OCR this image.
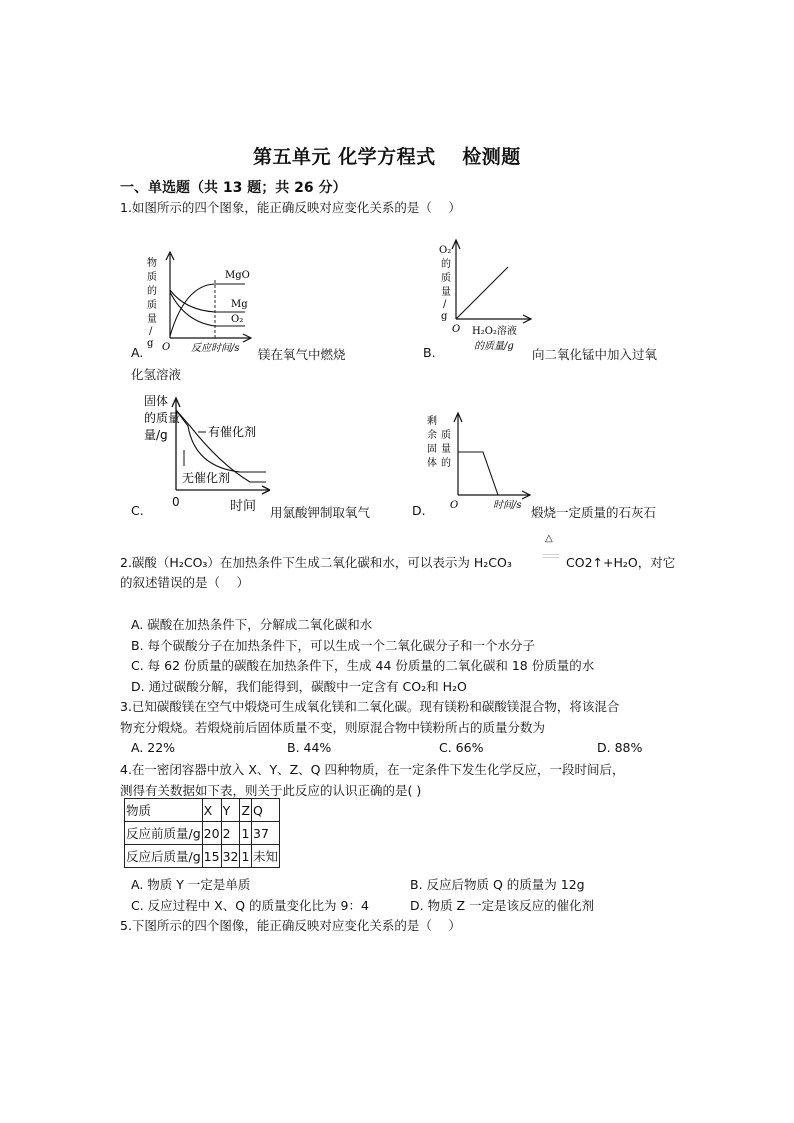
第五单元 化学方程式　 检测题
一、单选题（共 13 题；共 26 分）
1.如图所示的四个图象，能正确反映对应变化关系的是（　 ）
物
质
的
质
量
/
g
MgO
Mg
O₂
O 反应时间/s
A.	镁在氧气中燃烧
O₂
的
质
量
/
g
O H₂O₂溶液
的质量/g
B.	向二氧化锰中加入过氧
化氢溶液
固体
的质量
量/g	有催化剂
无催化剂
0	时间
C.	用氯酸钾制取氧气
剩
余
固
体
质
量
的
O	时间/s
D.	煅烧一定质量的石灰石
2.碳酸（H₂CO₃）在加热条件下生成二氧化碳和水，可以表示为 H₂CO₃
△
CO2↑+H₂O，对它
的叙述错误的是（　 ）
A. 碳酸在加热条件下，分解成二氧化碳和水
B. 每个碳酸分子在加热条件下，可以生成一个二氧化碳分子和一个水分子
C. 每 62 份质量的碳酸在加热条件下，生成 44 份质量的二氧化碳和 18 份质量的水
D. 通过碳酸分解，我们能得到，碳酸中一定含有 CO₂和 H₂O
3.已知碳酸镁在空气中煅烧可生成氧化镁和二氧化碳。现有镁粉和碳酸镁混合物，将该混合
物充分煅烧。若煅烧前后固体质量不变，则原混合物中镁粉所占的质量分数为
A. 22%	B. 44%	C. 66%	D. 88%
4.在一密闭容器中放入 X、Y、Z、Q 四种物质，在一定条件下发生化学反应，一段时间后，
测得有关数据如下表，则关于此反应的认识正确的是( )
物质	X	Y	Z	Q
反应前质量/g	20	2	1	37
反应后质量/g	15	32	1	未知
A. 物质 Y 一定是单质	B. 反应后物质 Q 的质量为 12g
C. 反应过程中 X、Q 的质量变化比为 9：4	D. 物质 Z 一定是该反应的催化剂
5.下图所示的四个图像，能正确反映对应变化关系的是（　 ）
